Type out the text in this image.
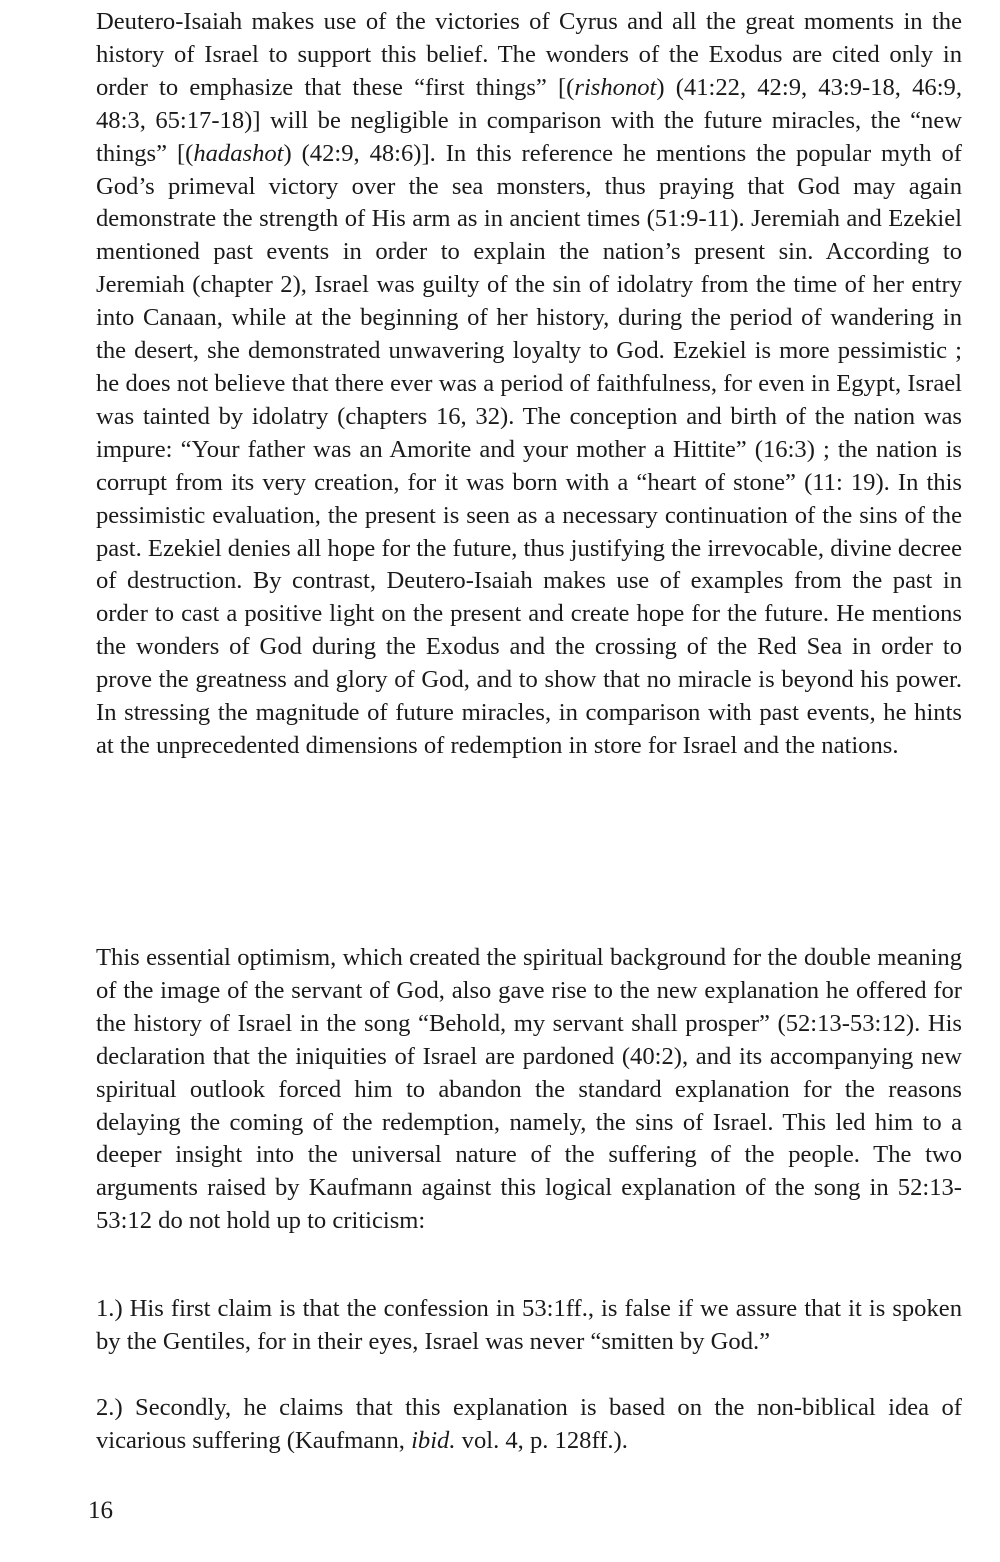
Deutero-Isaiah makes use of the victories of Cyrus and all the great moments in the history of Israel to support this belief. The wonders of the Exodus are cited only in order to emphasize that these “first things” [(rishonot) (41:22, 42:9, 43:9-18, 46:9, 48:3, 65:17-18)] will be negligible in comparison with the future miracles, the “new things” [(hadashot) (42:9, 48:6)]. In this reference he mentions the popular myth of God’s primeval victory over the sea monsters, thus praying that God may again demonstrate the strength of His arm as in ancient times (51:9-11). Jeremiah and Ezekiel mentioned past events in order to explain the nation’s present sin. According to Jeremiah (chapter 2), Israel was guilty of the sin of idolatry from the time of her entry into Canaan, while at the beginning of her history, during the period of wandering in the desert, she demonstrated unwavering loyalty to God. Ezekiel is more pessimistic ; he does not believe that there ever was a period of faithfulness, for even in Egypt, Israel was tainted by idolatry (chapters 16, 32). The conception and birth of the nation was impure: “Your father was an Amorite and your mother a Hittite” (16:3) ; the nation is corrupt from its very creation, for it was born with a “heart of stone” (11: 19). In this pessimistic evaluation, the present is seen as a necessary continuation of the sins of the past. Ezekiel denies all hope for the future, thus justifying the irrevocable, divine decree of destruction. By contrast, Deutero-​Isaiah makes use of examples from the past in order to cast a positive light on the present and create hope for the future. He mentions the wonders of God during the Exodus and the crossing of the Red Sea in order to prove the greatness and glory of God, and to show that no miracle is beyond his power. In stressing the magnitude of future miracles, in comparison with past events, he hints at the unprecedented dimensions of redemption in store for Israel and the nations.

This essential optimism, which created the spiritual background for the double meaning of the image of the servant of God, also gave rise to the new explanation he offered for the history of Israel in the song “Behold, my servant shall prosper” (52:13-53:12). His declaration that the iniquities of Israel are pardoned (40:2), and its accompanying new spiritual outlook forced him to abandon the standard explanation for the reasons delaying the coming of the redemption, namely, the sins of Israel. This led him to a deeper insight into the universal nature of the suffering of the people. The two arguments raised by Kaufmann against this logical explanation of the song in 52:13-53:12 do not hold up to criticism:

1.) His first claim is that the confession in 53:1ff., is false if we assure that it is spoken by the Gentiles, for in their eyes, Israel was never “smitten by God.”

2.) Secondly, he claims that this explanation is based on the non-biblical idea of vicarious suffering (Kaufmann, ibid. vol. 4, p. 128ff.).

16
